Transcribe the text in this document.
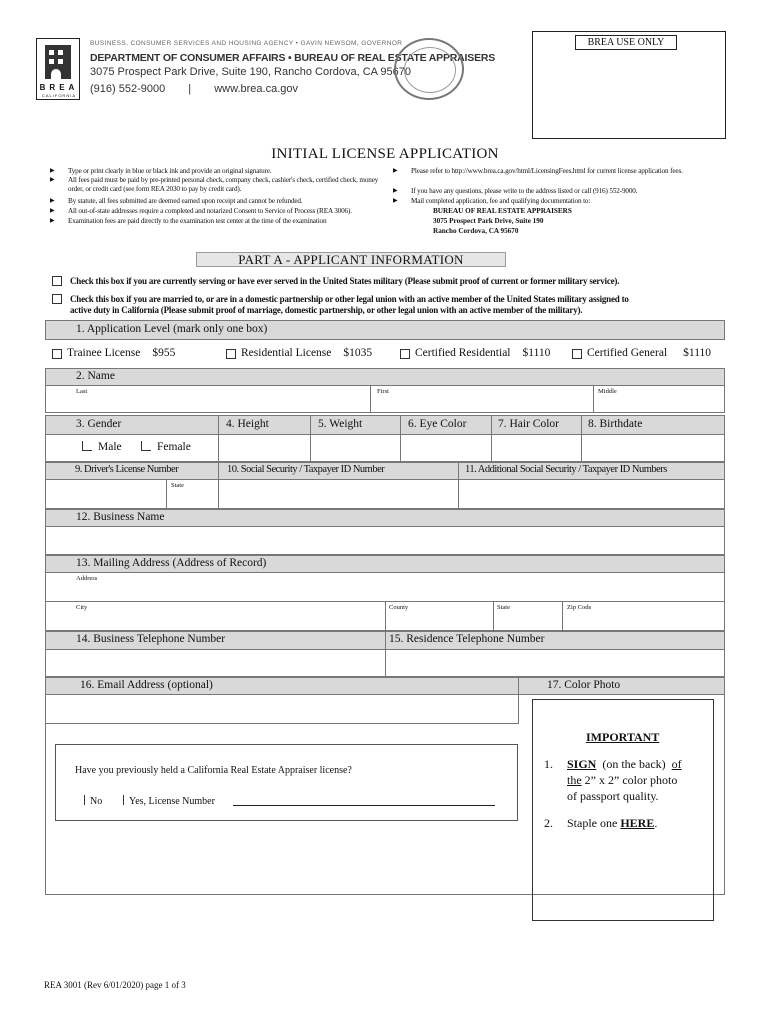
BREA
CALIFORNIA
BUSINESS, CONSUMER SERVICES AND HOUSING AGENCY • GAVIN NEWSOM, GOVERNOR
DEPARTMENT OF CONSUMER AFFAIRS • BUREAU OF REAL ESTATE APPRAISERS
3075 Prospect Park Drive, Suite 190, Rancho Cordova, CA 95670
(916) 552-9000 | www.brea.ca.gov
BREA USE ONLY
INITIAL LICENSE APPLICATION
▶ Type or print clearly in blue or black ink and provide an original signature.
▶ All fees paid must be paid by pre-printed personal check, company check, cashier's check, certified check, money order, or credit card (see form REA 2030 to pay by credit card).
▶ By statute, all fees submitted are deemed earned upon receipt and cannot be refunded.
▶ All out-of-state addresses require a completed and notarized Consent to Service of Process (REA 3006).
▶ Examination fees are paid directly to the examination test center at the time of the examination
▶ Please refer to http://www.brea.ca.gov/html/LicensingFees.html for current license application fees.
▶ If you have any questions, please write to the address listed or call (916) 552-9000.
▶ Mail completed application, fee and qualifying documentation to:
BUREAU OF REAL ESTATE APPRAISERS
3075 Prospect Park Drive, Suite 190
Rancho Cordova, CA 95670
PART A - APPLICANT INFORMATION
Check this box if you are currently serving or have ever served in the United States military (Please submit proof of current or former military service).
Check this box if you are married to, or are in a domestic partnership or other legal union with an active member of the United States military assigned to
active duty in California (Please submit proof of marriage, domestic partnership, or other legal union with an active member of the military).
1. Application Level (mark only one box)
Trainee License $955	Residential License $1035	Certified Residential $1110	Certified General $1110
2. Name
Last	First	Middle
3. Gender	4. Height	5. Weight	6. Eye Color	7. Hair Color	8. Birthdate
Male	Female
9. Driver's License Number	10. Social Security / Taxpayer ID Number	11. Additional Social Security / Taxpayer ID Numbers
State
12. Business Name
13. Mailing Address (Address of Record)
Address
City	County	State	Zip Code
14. Business Telephone Number	15. Residence Telephone Number
16. Email Address (optional)	17. Color Photo
Have you previously held a California Real Estate Appraiser license?
No	Yes, License Number
IMPORTANT
1. SIGN (on the back) of
the 2” x 2” color photo
of passport quality.
2. Staple one HERE.
REA 3001 (Rev 6/01/2020) page 1 of 3
